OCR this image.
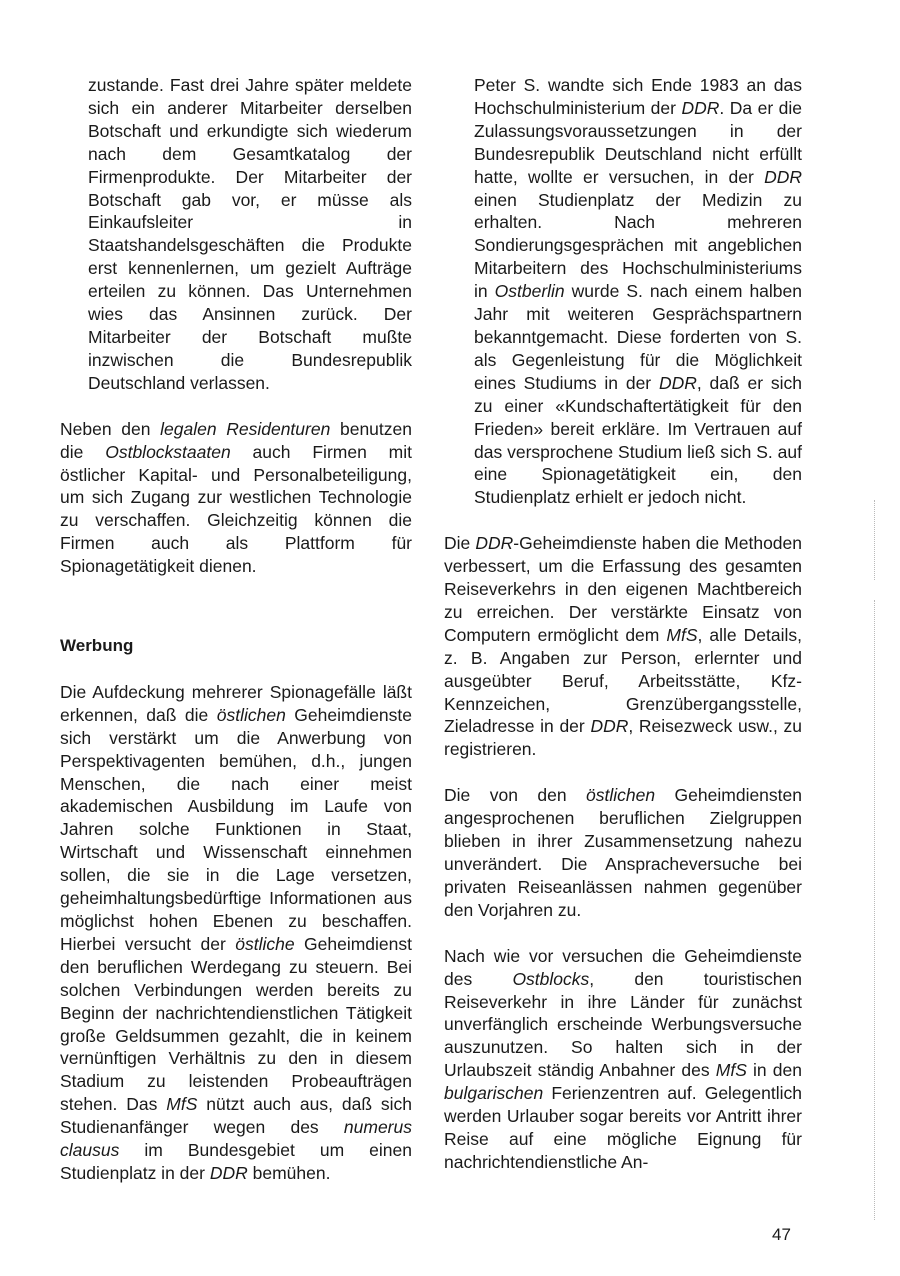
zustande. Fast drei Jahre später meldete sich ein anderer Mitarbeiter derselben Botschaft und erkundigte sich wiederum nach dem Gesamtkatalog der Firmenprodukte. Der Mitarbeiter der Botschaft gab vor, er müsse als Einkaufsleiter in Staatshandelsgeschäften die Produkte erst kennenlernen, um gezielt Aufträge erteilen zu können. Das Unternehmen wies das Ansinnen zurück. Der Mitarbeiter der Botschaft mußte inzwischen die Bundesrepublik Deutschland verlassen.

Neben den legalen Residenturen benutzen die Ostblockstaaten auch Firmen mit östlicher Kapital- und Personalbeteiligung, um sich Zugang zur westlichen Technologie zu verschaffen. Gleichzeitig können die Firmen auch als Plattform für Spionagetätigkeit dienen.

Werbung

Die Aufdeckung mehrerer Spionagefälle läßt erkennen, daß die östlichen Geheimdienste sich verstärkt um die Anwerbung von Perspektivagenten bemühen, d.h., jungen Menschen, die nach einer meist akademischen Ausbildung im Laufe von Jahren solche Funktionen in Staat, Wirtschaft und Wissenschaft einnehmen sollen, die sie in die Lage versetzen, geheimhaltungsbedürftige Informationen aus möglichst hohen Ebenen zu beschaffen. Hierbei versucht der östliche Geheimdienst den beruflichen Werdegang zu steuern. Bei solchen Verbindungen werden bereits zu Beginn der nachrichtendienstlichen Tätigkeit große Geldsummen gezahlt, die in keinem vernünftigen Verhältnis zu den in diesem Stadium zu leistenden Probeaufträgen stehen. Das MfS nützt auch aus, daß sich Studienanfänger wegen des numerus clausus im Bundesgebiet um einen Studienplatz in der DDR bemühen.

Peter S. wandte sich Ende 1983 an das Hochschulministerium der DDR. Da er die Zulassungsvoraussetzungen in der Bundesrepublik Deutschland nicht erfüllt hatte, wollte er versuchen, in der DDR einen Studienplatz der Medizin zu erhalten. Nach mehreren Sondierungsgesprächen mit angeblichen Mitarbeitern des Hochschulministeriums in Ostberlin wurde S. nach einem halben Jahr mit weiteren Gesprächspartnern bekanntgemacht. Diese forderten von S. als Gegenleistung für die Möglichkeit eines Studiums in der DDR, daß er sich zu einer «Kundschaftertätigkeit für den Frieden» bereit erkläre. Im Vertrauen auf das versprochene Studium ließ sich S. auf eine Spionagetätigkeit ein, den Studienplatz erhielt er jedoch nicht.

Die DDR-Geheimdienste haben die Methoden verbessert, um die Erfassung des gesamten Reiseverkehrs in den eigenen Machtbereich zu erreichen. Der verstärkte Einsatz von Computern ermöglicht dem MfS, alle Details, z. B. Angaben zur Person, erlernter und ausgeübter Beruf, Arbeitsstätte, Kfz-Kennzeichen, Grenzübergangsstelle, Zieladresse in der DDR, Reisezweck usw., zu registrieren.

Die von den östlichen Geheimdiensten angesprochenen beruflichen Zielgruppen blieben in ihrer Zusammensetzung nahezu unverändert. Die Anspracheversuche bei privaten Reiseanlässen nahmen gegenüber den Vorjahren zu.

Nach wie vor versuchen die Geheimdienste des Ostblocks, den touristischen Reiseverkehr in ihre Länder für zunächst unverfänglich erscheinde Werbungsversuche auszunutzen. So halten sich in der Urlaubszeit ständig Anbahner des MfS in den bulgarischen Ferienzentren auf. Gelegentlich werden Urlauber sogar bereits vor Antritt ihrer Reise auf eine mögliche Eignung für nachrichtendienstliche An-

47
